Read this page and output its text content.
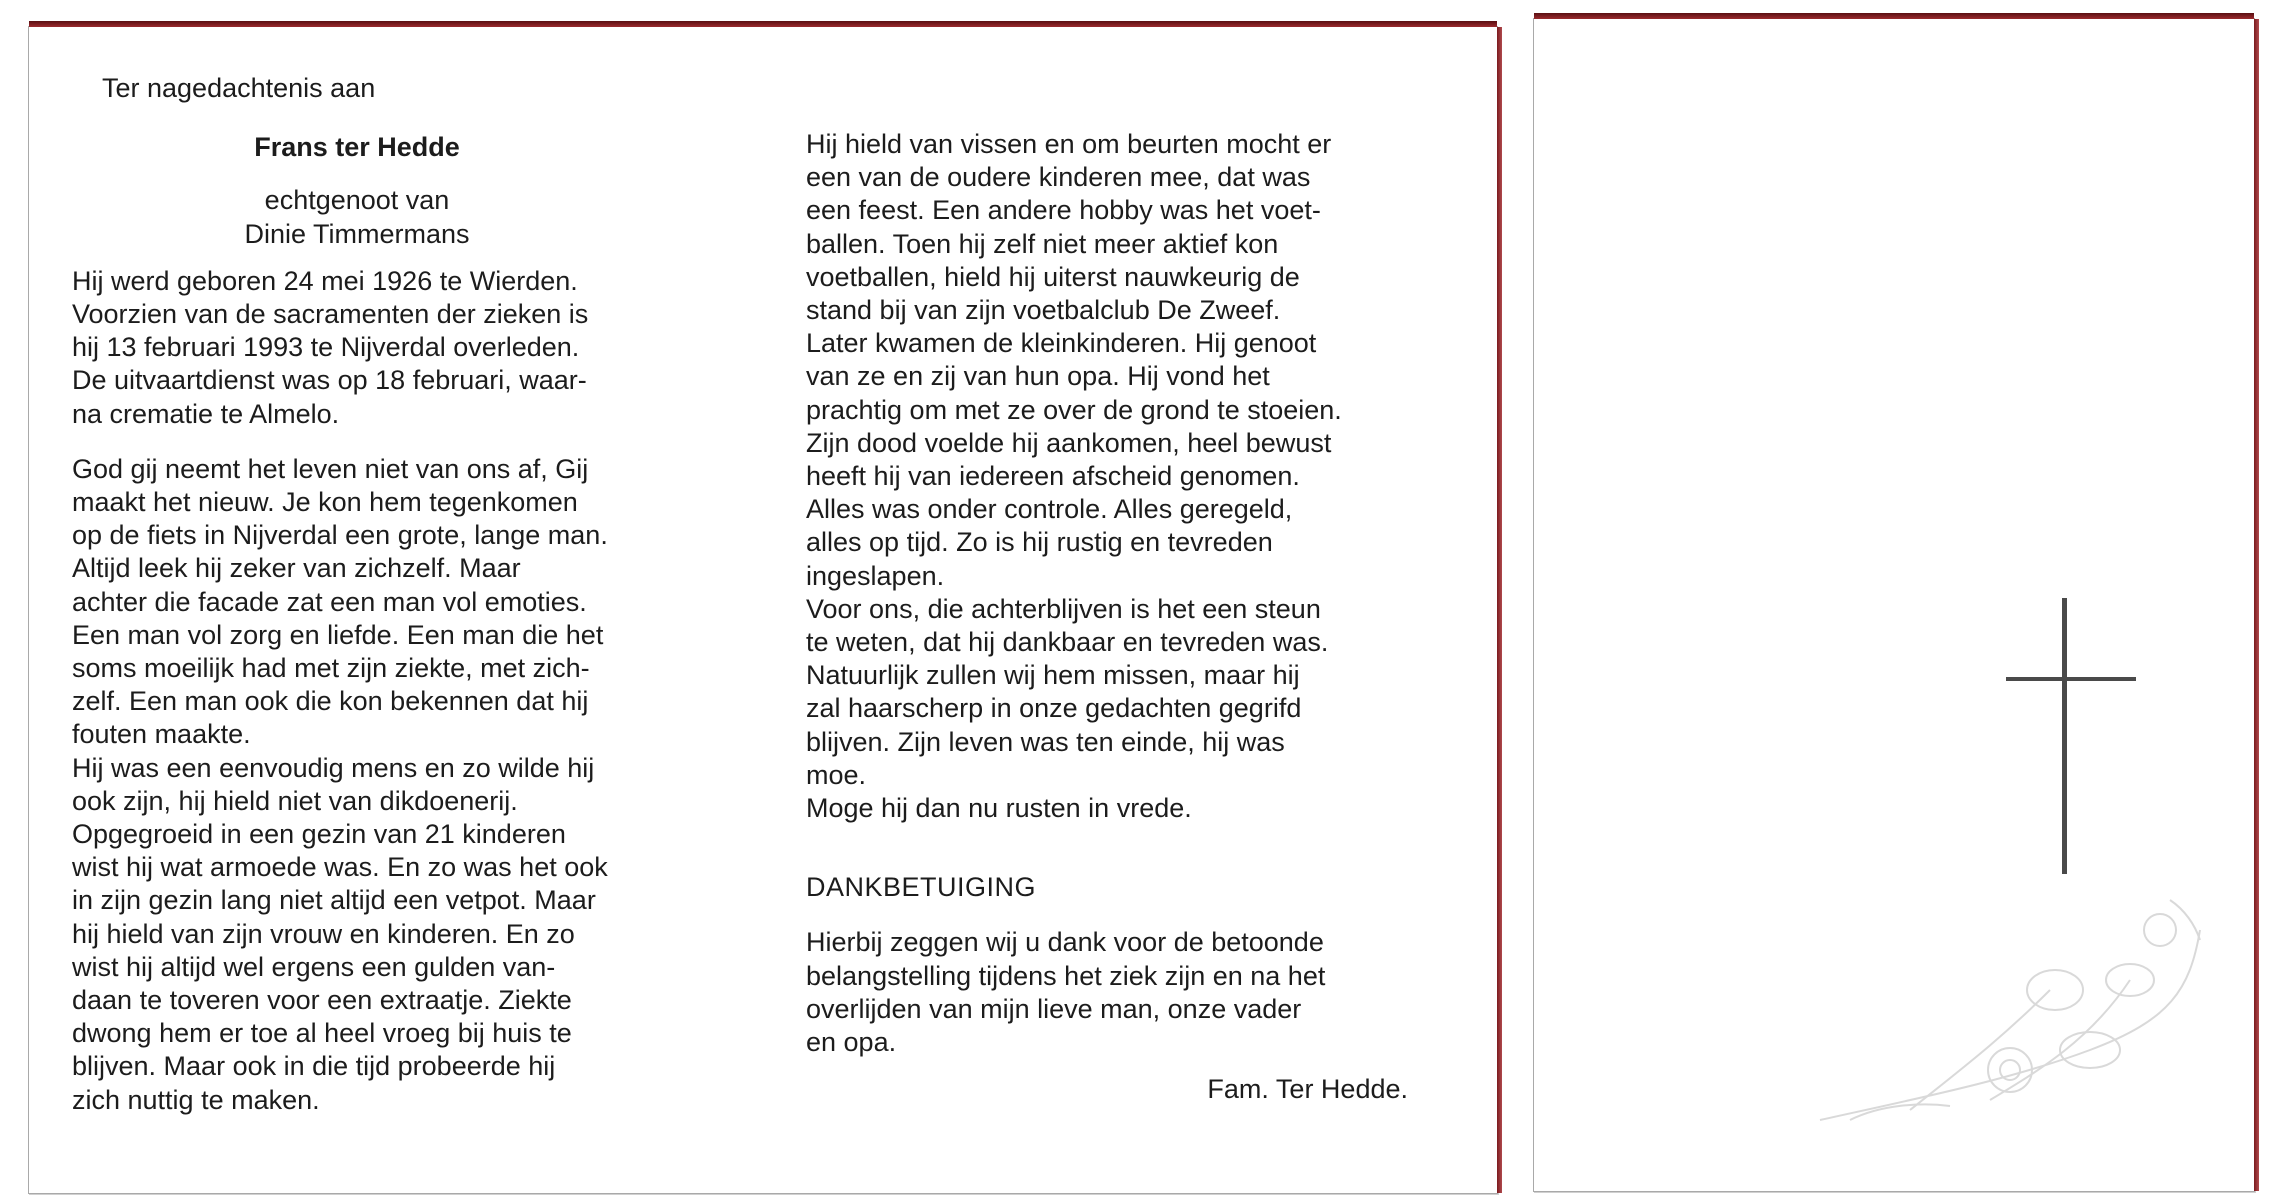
Ter nagedachtenis aan
Frans ter Hedde
echtgenoot van
Dinie Timmermans

Hij werd geboren 24 mei 1926 te Wierden.
Voorzien van de sacramenten der zieken is
hij 13 februari 1993 te Nijverdal overleden.
De uitvaartdienst was op 18 februari, waar-
na crematie te Almelo.

God gij neemt het leven niet van ons af, Gij
maakt het nieuw. Je kon hem tegenkomen
op de fiets in Nijverdal een grote, lange man.
Altijd leek hij zeker van zichzelf. Maar
achter die facade zat een man vol emoties.
Een man vol zorg en liefde. Een man die het
soms moeilijk had met zijn ziekte, met zich-
zelf. Een man ook die kon bekennen dat hij
fouten maakte.

Hij was een eenvoudig mens en zo wilde hij
ook zijn, hij hield niet van dikdoenerij.
Opgegroeid in een gezin van 21 kinderen
wist hij wat armoede was. En zo was het ook
in zijn gezin lang niet altijd een vetpot. Maar
hij hield van zijn vrouw en kinderen. En zo
wist hij altijd wel ergens een gulden van-
daan te toveren voor een extraatje. Ziekte
dwong hem er toe al heel vroeg bij huis te
blijven. Maar ook in die tijd probeerde hij
zich nuttig te maken.

Hij hield van vissen en om beurten mocht er
een van de oudere kinderen mee, dat was
een feest. Een andere hobby was het voet-
ballen. Toen hij zelf niet meer aktief kon
voetballen, hield hij uiterst nauwkeurig de
stand bij van zijn voetbalclub De Zweef.

Later kwamen de kleinkinderen. Hij genoot
van ze en zij van hun opa. Hij vond het
prachtig om met ze over de grond te stoeien.
Zijn dood voelde hij aankomen, heel bewust
heeft hij van iedereen afscheid genomen.
Alles was onder controle. Alles geregeld,
alles op tijd. Zo is hij rustig en tevreden
ingeslapen.

Voor ons, die achterblijven is het een steun
te weten, dat hij dankbaar en tevreden was.
Natuurlijk zullen wij hem missen, maar hij
zal haarscherp in onze gedachten gegrifd
blijven. Zijn leven was ten einde, hij was
moe.

Moge hij dan nu rusten in vrede.

DANKBETUIGING

Hierbij zeggen wij u dank voor de betoonde
belangstelling tijdens het ziek zijn en na het
overlijden van mijn lieve man, onze vader
en opa.

Fam. Ter Hedde.
